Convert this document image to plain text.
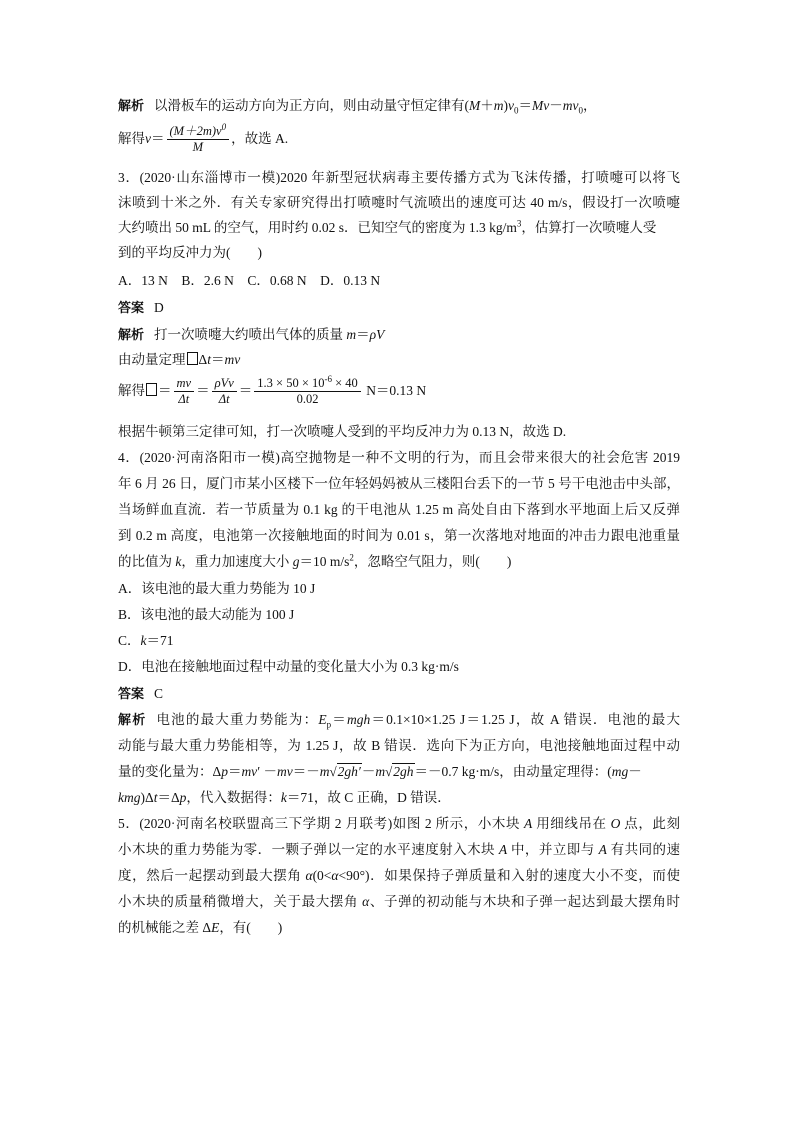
解析 以滑板车的运动方向为正方向，则由动量守恒定律有$(M+m)v_0=Mv-mv_0$，
解得$v= \frac{(M+2m)v^0}{M}$ ，故选 A.
3．(2020·山东淄博市一模)2020 年新型冠状病毒主要传播方式为飞沫传播，打喷嚏可以将飞
沫喷到十米之外．有关专家研究得出打喷嚏时气流喷出的速度可达 40 m/s，假设打一次喷嚏
大约喷出 50 mL 的空气，用时约 0.02 s．已知空气的密度为 1.3 $kg/m^3$，估算打一次喷嚏人受
到的平均反冲力为(　　)
A．13 N　B．2.6 N　C．0.68 N　D．0.13 N
答案 D
解析 打一次喷嚏大约喷出气体的质量 m＝ρV
由动量定理 Δt＝mv
解得 ＝ $\frac{mv}{\Delta t} = \frac{\text{ρVv}}{\Delta t} = \frac{1.3 \times 50 \times 10^{-6} \times 40}{0.02} N=0.13$ N
根据牛顿第三定律可知，打一次喷嚏人受到的平均反冲力为 0.13 N，故选 D.
4．(2020·河南洛阳市一模)高空抛物是一种不文明的行为，而且会带来很大的社会危害 2019
年 6 月 26 日，厦门市某小区楼下一位年轻妈妈被从三楼阳台丢下的一节 5 号干电池击中头部，
当场鲜血直流．若一节质量为 0.1 kg 的干电池从 1.25 m 高处自由下落到水平地面上后又反弹
到 0.2 m 高度，电池第一次接触地面的时间为 0.01 s，第一次落地对地面的冲击力跟电池重量
的比值为 k，重力加速度大小 g＝10 $m/s^2$，忽略空气阻力，则(　　)
A．该电池的最大重力势能为 10 J
B．该电池的最大动能为 100 J
C．k＝71
D．电池在接触地面过程中动量的变化量大小为 0.3 kg·m/s
答案 C
解析 电池的最大重力势能为：$E_p=mgh=0.1\times 10\times 1.25$ J＝1.25 J，故 A 错误．电池的最大
动能与最大重力势能相等，为 1.25 J，故 B 错误．选向下为正方向，电池接触地面过程中动
量的变化量为：Δp＝mv′ －mv＝－m√2gh′－m√2gh＝－0.7 kg·m/s，由动量定理得：(mg－
kmg)Δt＝Δp，代入数据得：k＝71，故 C 正确，D 错误．
5．(2020·河南名校联盟高三下学期 2 月联考)如图 2 所示，小木块 A 用细线吊在 O 点，此刻
小木块的重力势能为零．一颗子弹以一定的水平速度射入木块 A 中，并立即与 A 有共同的速
度，然后一起摆动到最大摆角 α(0<α<90°)．如果保持子弹质量和入射的速度大小不变，而使
小木块的质量稍微增大，关于最大摆角 α、子弹的初动能与木块和子弹一起达到最大摆角时
的机械能之差 ΔE，有(　　)
